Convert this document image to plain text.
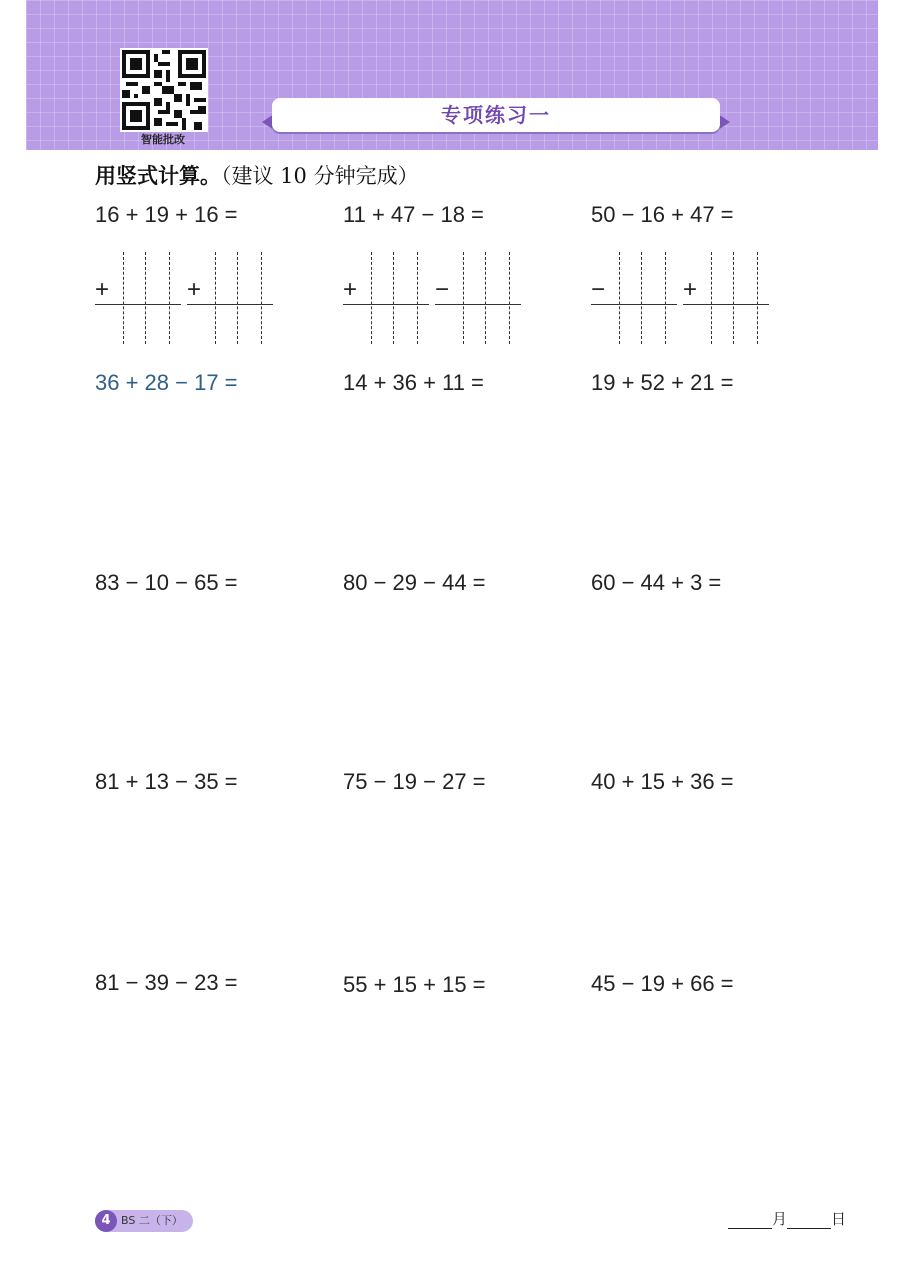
智能批改
专项练习一
用竖式计算。（建议 10 分钟完成）
16 + 19 + 16 =	11 + 47 − 18 =	50 − 16 + 47 =
+	+	+	−	−	+
36 + 28 − 17 =	14 + 36 + 11 =	19 + 52 + 21 =
83 − 10 − 65 =	80 − 29 − 44 =	60 − 44 + 3 =
81 + 13 − 35 =	75 − 19 − 27 =	40 + 15 + 36 =
81 − 39 − 23 =	55 + 15 + 15 =	45 − 19 + 66 =
4 BS 二（下）	月	日
